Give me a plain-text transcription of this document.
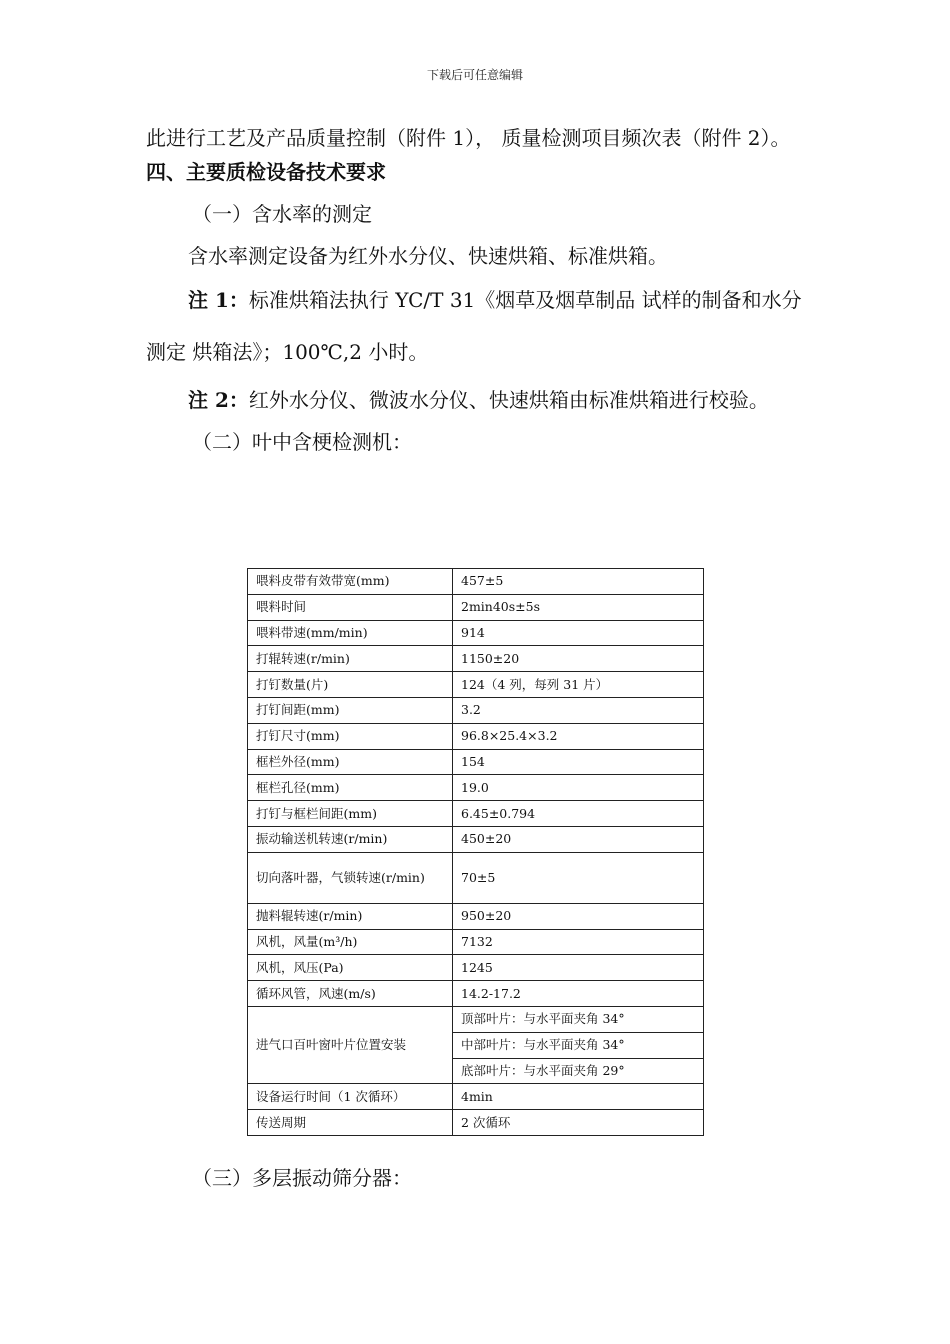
下载后可任意编辑

此进行工艺及产品质量控制（附件 1）， 质量检测项目频次表（附件 2）。

四、主要质检设备技术要求

（一）含水率的测定

含水率测定设备为红外水分仪、快速烘箱、标准烘箱。

注 1：标准烘箱法执行 YC/T 31《烟草及烟草制品 试样的制备和水分测定 烘箱法》；100℃,2 小时。

注 2：红外水分仪、微波水分仪、快速烘箱由标准烘箱进行校验。

（二）叶中含梗检测机：

喂料皮带有效带宽(mm)	457±5
喂料时间	2min40s±5s
喂料带速(mm/min)	914
打辊转速(r/min)	1150±20
打钉数量(片)	124（4 列，每列 31 片）
打钉间距(mm)	3.2
打钉尺寸(mm)	96.8×25.4×3.2
框栏外径(mm)	154
框栏孔径(mm)	19.0
打钉与框栏间距(mm)	6.45±0.794
振动输送机转速(r/min)	450±20
切向落叶器，气锁转速(r/min)	70±5
抛料辊转速(r/min)	950±20
风机，风量(m³/h)	7132
风机，风压(Pa)	1245
循环风管，风速(m/s)	14.2-17.2
进气口百叶窗叶片位置安装	顶部叶片：与水平面夹角 34°
	中部叶片：与水平面夹角 34°
	底部叶片：与水平面夹角 29°
设备运行时间（1 次循环）	4min
传送周期	2 次循环

（三）多层振动筛分器：
